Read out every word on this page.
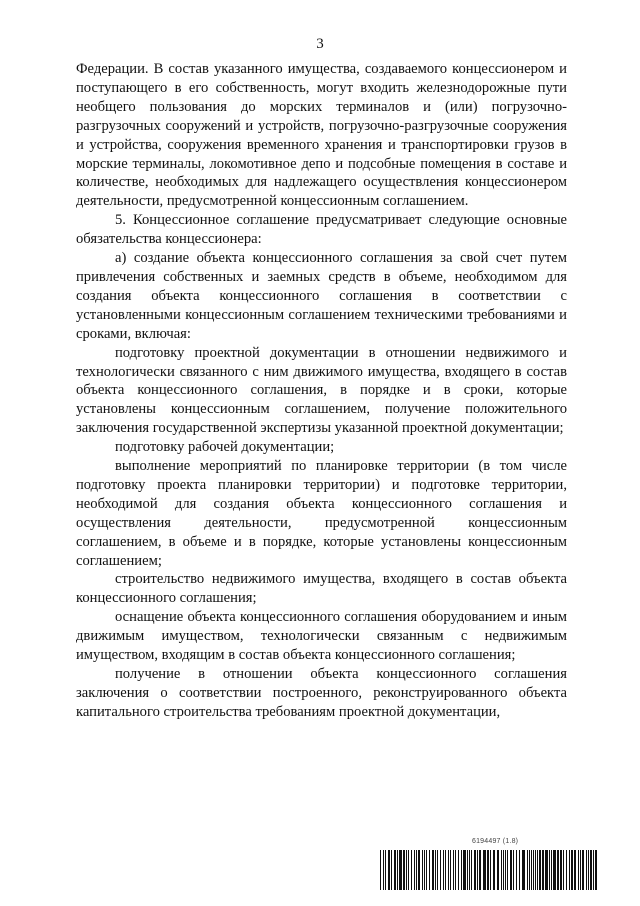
3

Федерации. В состав указанного имущества, создаваемого концессионером и поступающего в его собственность, могут входить железнодорожные пути необщего пользования до морских терминалов и (или) погрузочно-разгрузочных сооружений и устройств, погрузочно-разгрузочные сооружения и устройства, сооружения временного хранения и транспортировки грузов в морские терминалы, локомотивное депо и подсобные помещения в составе и количестве, необходимых для надлежащего осуществления концессионером деятельности, предусмотренной концессионным соглашением.

5. Концессионное соглашение предусматривает следующие основные обязательства концессионера:

а) создание объекта концессионного соглашения за свой счет путем привлечения собственных и заемных средств в объеме, необходимом для создания объекта концессионного соглашения в соответствии с установленными концессионным соглашением техническими требованиями и сроками, включая:

подготовку проектной документации в отношении недвижимого и технологически связанного с ним движимого имущества, входящего в состав объекта концессионного соглашения, в порядке и в сроки, которые установлены концессионным соглашением, получение положительного заключения государственной экспертизы указанной проектной документации;

подготовку рабочей документации;

выполнение мероприятий по планировке территории (в том числе подготовку проекта планировки территории) и подготовке территории, необходимой для создания объекта концессионного соглашения и осуществления деятельности, предусмотренной концессионным соглашением, в объеме и в порядке, которые установлены концессионным соглашением;

строительство недвижимого имущества, входящего в состав объекта концессионного соглашения;

оснащение объекта концессионного соглашения оборудованием и иным движимым имуществом, технологически связанным с недвижимым имуществом, входящим в состав объекта концессионного соглашения;

получение в отношении объекта концессионного соглашения заключения о соответствии построенного, реконструированного объекта капитального строительства требованиям проектной документации,

6194497 (1.8)
